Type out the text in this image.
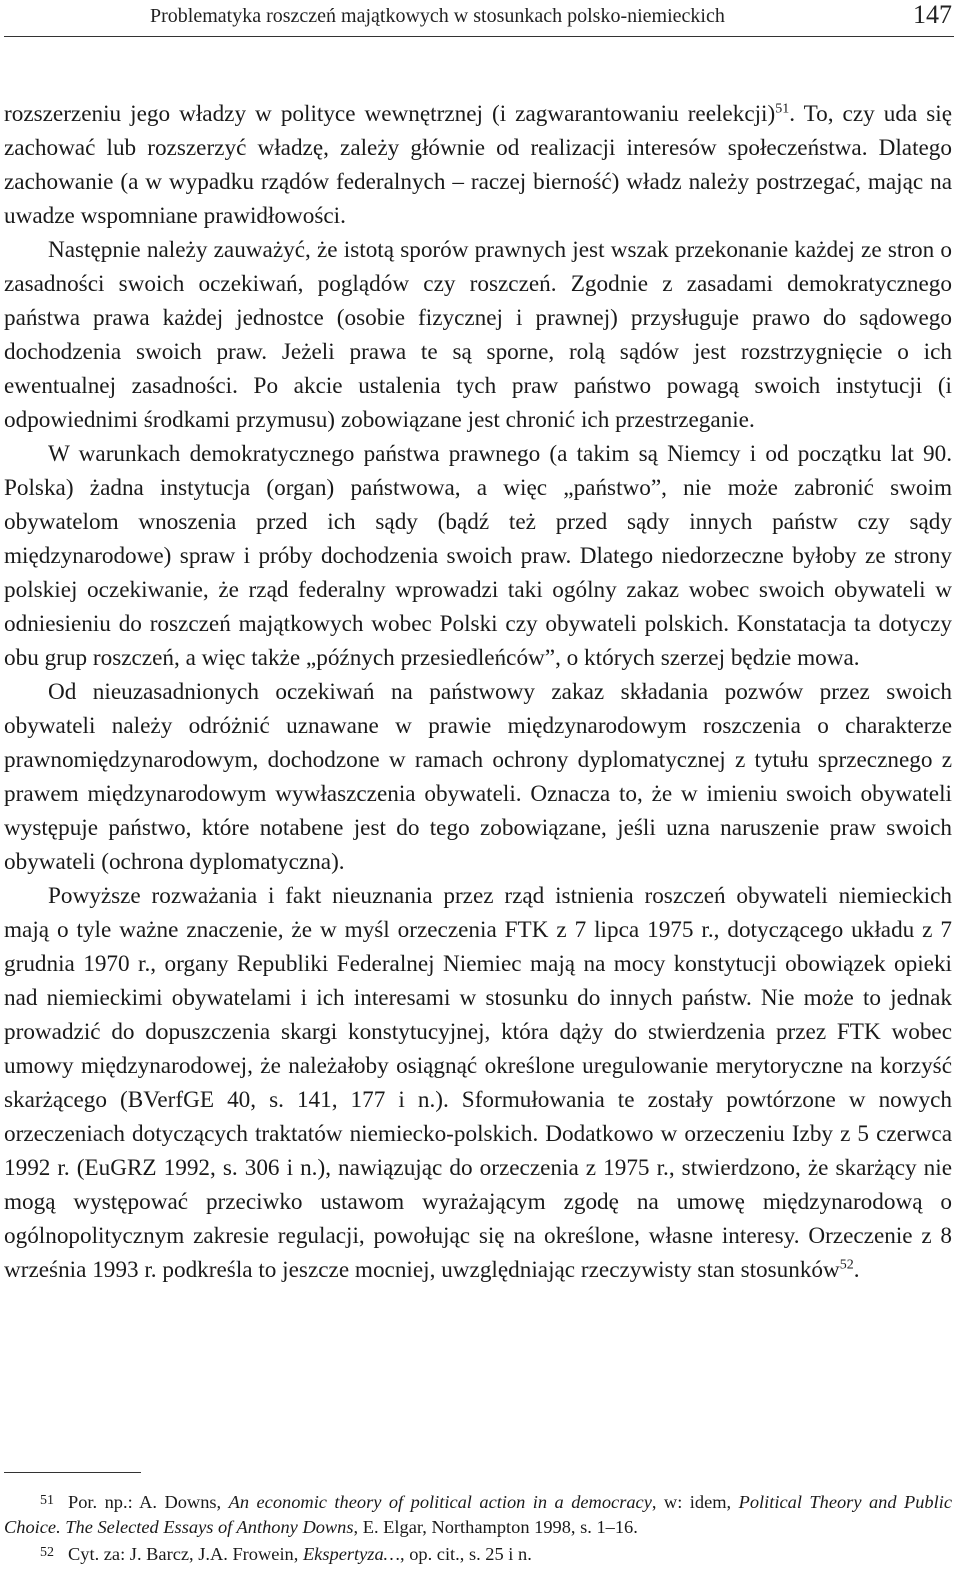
Problematyka roszczeń majątkowych w stosunkach polsko-niemieckich	147

rozszerzeniu jego władzy w polityce wewnętrznej (i zagwarantowaniu reelekcji)$^{51}$. To, czy uda się zachować lub rozszerzyć władzę, zależy głównie od realizacji interesów społeczeństwa. Dlatego zachowanie (a w wypadku rządów federalnych – raczej bierność) władz należy postrzegać, mając na uwadze wspomniane prawidłowości.

Następnie należy zauważyć, że istotą sporów prawnych jest wszak przekonanie każdej ze stron o zasadności swoich oczekiwań, poglądów czy roszczeń. Zgodnie z zasadami demokratycznego państwa prawa każdej jednostce (osobie fizycznej i prawnej) przysługuje prawo do sądowego dochodzenia swoich praw. Jeżeli prawa te są sporne, rolą sądów jest rozstrzygnięcie o ich ewentualnej zasadności. Po akcie ustalenia tych praw państwo powagą swoich instytucji (i odpowiednimi środkami przymusu) zobowiązane jest chronić ich przestrzeganie.

W warunkach demokratycznego państwa prawnego (a takim są Niemcy i od początku lat 90. Polska) żadna instytucja (organ) państwowa, a więc „państwo”, nie może zabronić swoim obywatelom wnoszenia przed ich sądy (bądź też przed sądy innych państw czy sądy międzynarodowe) spraw i próby dochodzenia swoich praw. Dlatego niedorzeczne byłoby ze strony polskiej oczekiwanie, że rząd federalny wprowadzi taki ogólny zakaz wobec swoich obywateli w odniesieniu do roszczeń majątkowych wobec Polski czy obywateli polskich. Konstatacja ta dotyczy obu grup roszczeń, a więc także „późnych przesiedleńców”, o których szerzej będzie mowa.

Od nieuzasadnionych oczekiwań na państwowy zakaz składania pozwów przez swoich obywateli należy odróżnić uznawane w prawie międzynarodowym roszczenia o charakterze prawnomiędzynarodowym, dochodzone w ramach ochrony dyplomatycznej z tytułu sprzecznego z prawem międzynarodowym wywłaszczenia obywateli. Oznacza to, że w imieniu swoich obywateli występuje państwo, które notabene jest do tego zobowiązane, jeśli uzna naruszenie praw swoich obywateli (ochrona dyplomatyczna).

Powyższe rozważania i fakt nieuznania przez rząd istnienia roszczeń obywateli niemieckich mają o tyle ważne znaczenie, że w myśl orzeczenia FTK z 7 lipca 1975 r., dotyczącego układu z 7 grudnia 1970 r., organy Republiki Federalnej Niemiec mają na mocy konstytucji obowiązek opieki nad niemieckimi obywatelami i ich interesami w stosunku do innych państw. Nie może to jednak prowadzić do dopuszczenia skargi konstytucyjnej, która dąży do stwierdzenia przez FTK wobec umowy międzynarodowej, że należałoby osiągnąć określone uregulowanie merytoryczne na korzyść skarżącego (BVerfGE 40, s. 141, 177 i n.). Sformułowania te zostały powtórzone w nowych orzeczeniach dotyczących traktatów niemiecko-polskich. Dodatkowo w orzeczeniu Izby z 5 czerwca 1992 r. (EuGRZ 1992, s. 306 i n.), nawiązując do orzeczenia z 1975 r., stwierdzono, że skarżący nie mogą występować przeciwko ustawom wyrażającym zgodę na umowę międzynarodową o ogólnopolitycznym zakresie regulacji, powołując się na określone, własne interesy. Orzeczenie z 8 września 1993 r. podkreśla to jeszcze mocniej, uwzględniając rzeczywisty stan stosunków$^{52}$.

51 Por. np.: A. Downs, An economic theory of political action in a democracy, w: idem, Political Theory and Public Choice. The Selected Essays of Anthony Downs, E. Elgar, Northampton 1998, s. 1–16.

52 Cyt. za: J. Barcz, J.A. Frowein, Ekspertyza…, op. cit., s. 25 i n.
